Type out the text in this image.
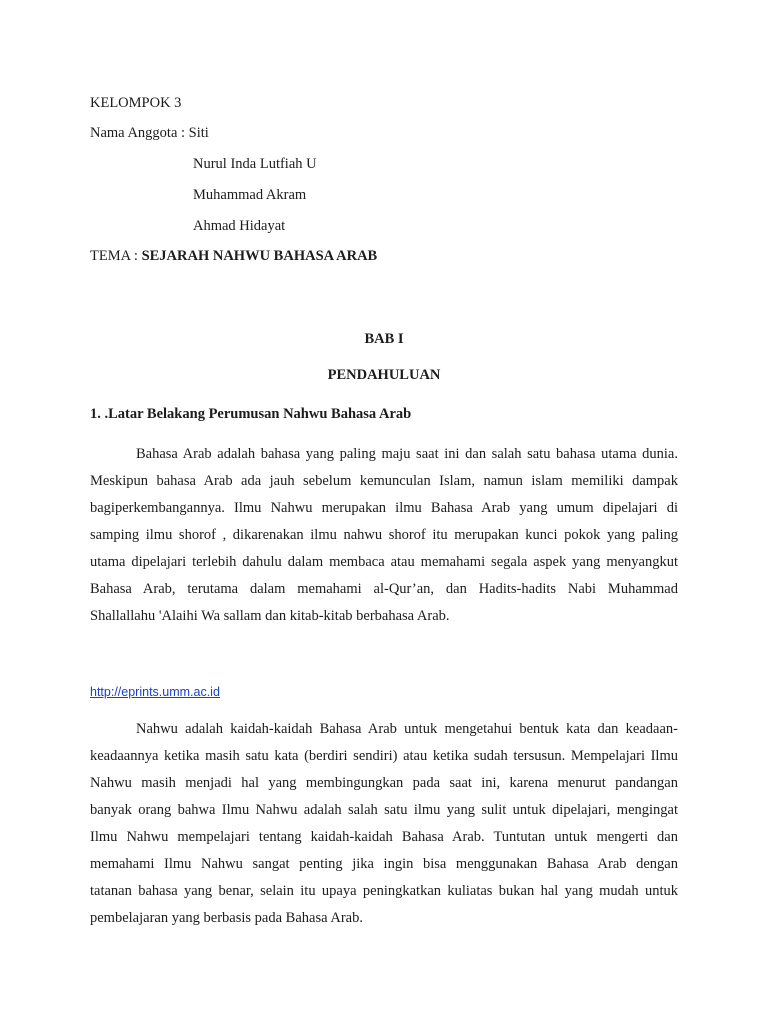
KELOMPOK 3

Nama Anggota : Siti

Nurul Inda Lutfiah U

Muhammad Akram

Ahmad Hidayat

TEMA : SEJARAH NAHWU BAHASA ARAB

BAB I

PENDAHULUAN

1. .Latar Belakang Perumusan Nahwu Bahasa Arab

Bahasa Arab adalah bahasa yang paling maju saat ini dan salah satu bahasa utama dunia.
Meskipun bahasa Arab ada jauh sebelum kemunculan Islam, namun islam memiliki dampak
bagiperkembangannya. Ilmu Nahwu merupakan ilmu Bahasa Arab yang umum dipelajari di
samping ilmu shorof , dikarenakan ilmu nahwu shorof itu merupakan kunci pokok yang paling
utama dipelajari terlebih dahulu dalam membaca atau memahami segala aspek yang menyangkut
Bahasa Arab, terutama dalam memahami al-Qur’an, dan Hadits-hadits Nabi Muhammad
Shallallahu 'Alaihi Wa sallam dan kitab-kitab berbahasa Arab.
http://eprints.umm.ac.id
Nahwu adalah kaidah-kaidah Bahasa Arab untuk mengetahui bentuk kata dan keadaan-
keadaannya ketika masih satu kata (berdiri sendiri) atau ketika sudah tersusun. Mempelajari Ilmu
Nahwu masih menjadi hal yang membingungkan pada saat ini, karena menurut pandangan
banyak orang bahwa Ilmu Nahwu adalah salah satu ilmu yang sulit untuk dipelajari, mengingat
Ilmu Nahwu mempelajari tentang kaidah-kaidah Bahasa Arab. Tuntutan untuk mengerti dan
memahami Ilmu Nahwu sangat penting jika ingin bisa menggunakan Bahasa Arab dengan
tatanan bahasa yang benar, selain itu upaya peningkatkan kuliatas bukan hal yang mudah untuk
pembelajaran yang berbasis pada Bahasa Arab.
